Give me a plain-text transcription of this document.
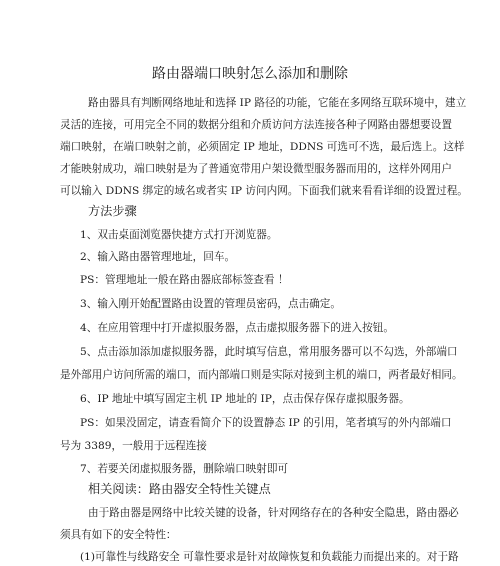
路由器端口映射怎么添加和删除
路由器具有判断网络地址和选择 IP 路径的功能，它能在多网络互联环境中，建立
灵活的连接，可用完全不同的数据分组和介质访问方法连接各种子网路由器想要设置
端口映射，在端口映射之前，必须固定 IP 地址，DDNS 可选可不选，最后选上。这样
才能映射成功，端口映射是为了普通宽带用户架设微型服务器而用的，这样外网用户
可以输入 DDNS 绑定的域名或者实 IP 访问内网。下面我们就来看看详细的设置过程。
方法步骤
1、双击桌面浏览器快捷方式打开浏览器。
2、输入路由器管理地址，回车。
PS：管理地址一般在路由器底部标签查看 ！
3、输入刚开始配置路由设置的管理员密码，点击确定。
4、在应用管理中打开虚拟服务器，点击虚拟服务器下的进入按钮。
5、点击添加添加虚拟服务器，此时填写信息，常用服务器可以不勾选，外部端口
是外部用户访问所需的端口，而内部端口则是实际对接到主机的端口，两者最好相同。
6、IP 地址中填写固定主机 IP 地址的 IP，点击保存保存虚拟服务器。
PS：如果没固定，请查看简介下的设置静态 IP 的引用，笔者填写的外内部端口
号为 3389，一般用于远程连接
7、若要关闭虚拟服务器，删除端口映射即可
相关阅读：路由器安全特性关键点
由于路由器是网络中比较关键的设备，针对网络存在的各种安全隐患，路由器必
须具有如下的安全特性：
(1)可靠性与线路安全 可靠性要求是针对故障恢复和负载能力而提出来的。对于路
